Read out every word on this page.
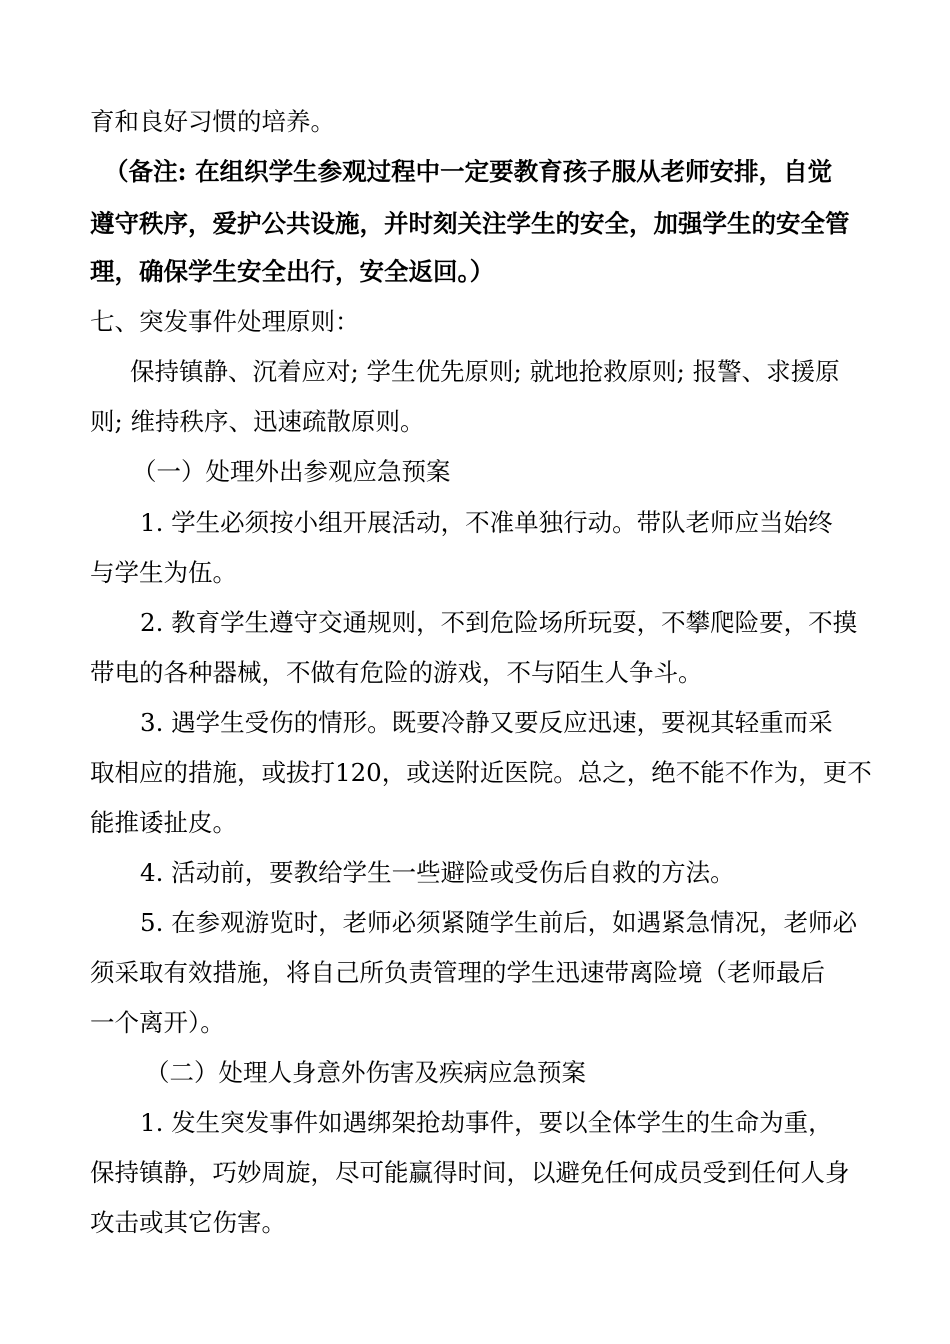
育和良好习惯的培养。
（备注: 在组织学生参观过程中一定要教育孩子服从老师安排，自觉
遵守秩序，爱护公共设施，并时刻关注学生的安全，加强学生的安全管
理，确保学生安全出行，安全返回。）
七、突发事件处理原则：
保持镇静、沉着应对; 学生优先原则; 就地抢救原则; 报警、求援原
则; 维持秩序、迅速疏散原则。
（一）处理外出参观应急预案
1. 学生必须按小组开展活动，不准单独行动。带队老师应当始终
与学生为伍。
2. 教育学生遵守交通规则，不到危险场所玩耍，不攀爬险要，不摸
带电的各种器械，不做有危险的游戏，不与陌生人争斗。
3. 遇学生受伤的情形。既要冷静又要反应迅速，要视其轻重而采
取相应的措施，或拔打120，或送附近医院。总之，绝不能不作为，更不
能推诿扯皮。
4. 活动前，要教给学生一些避险或受伤后自救的方法。
5. 在参观游览时，老师必须紧随学生前后，如遇紧急情况，老师必
须采取有效措施，将自己所负责管理的学生迅速带离险境（老师最后
一个离开）。
（二）处理人身意外伤害及疾病应急预案
1. 发生突发事件如遇绑架抢劫事件，要以全体学生的生命为重，
保持镇静，巧妙周旋，尽可能赢得时间，以避免任何成员受到任何人身
攻击或其它伤害。
